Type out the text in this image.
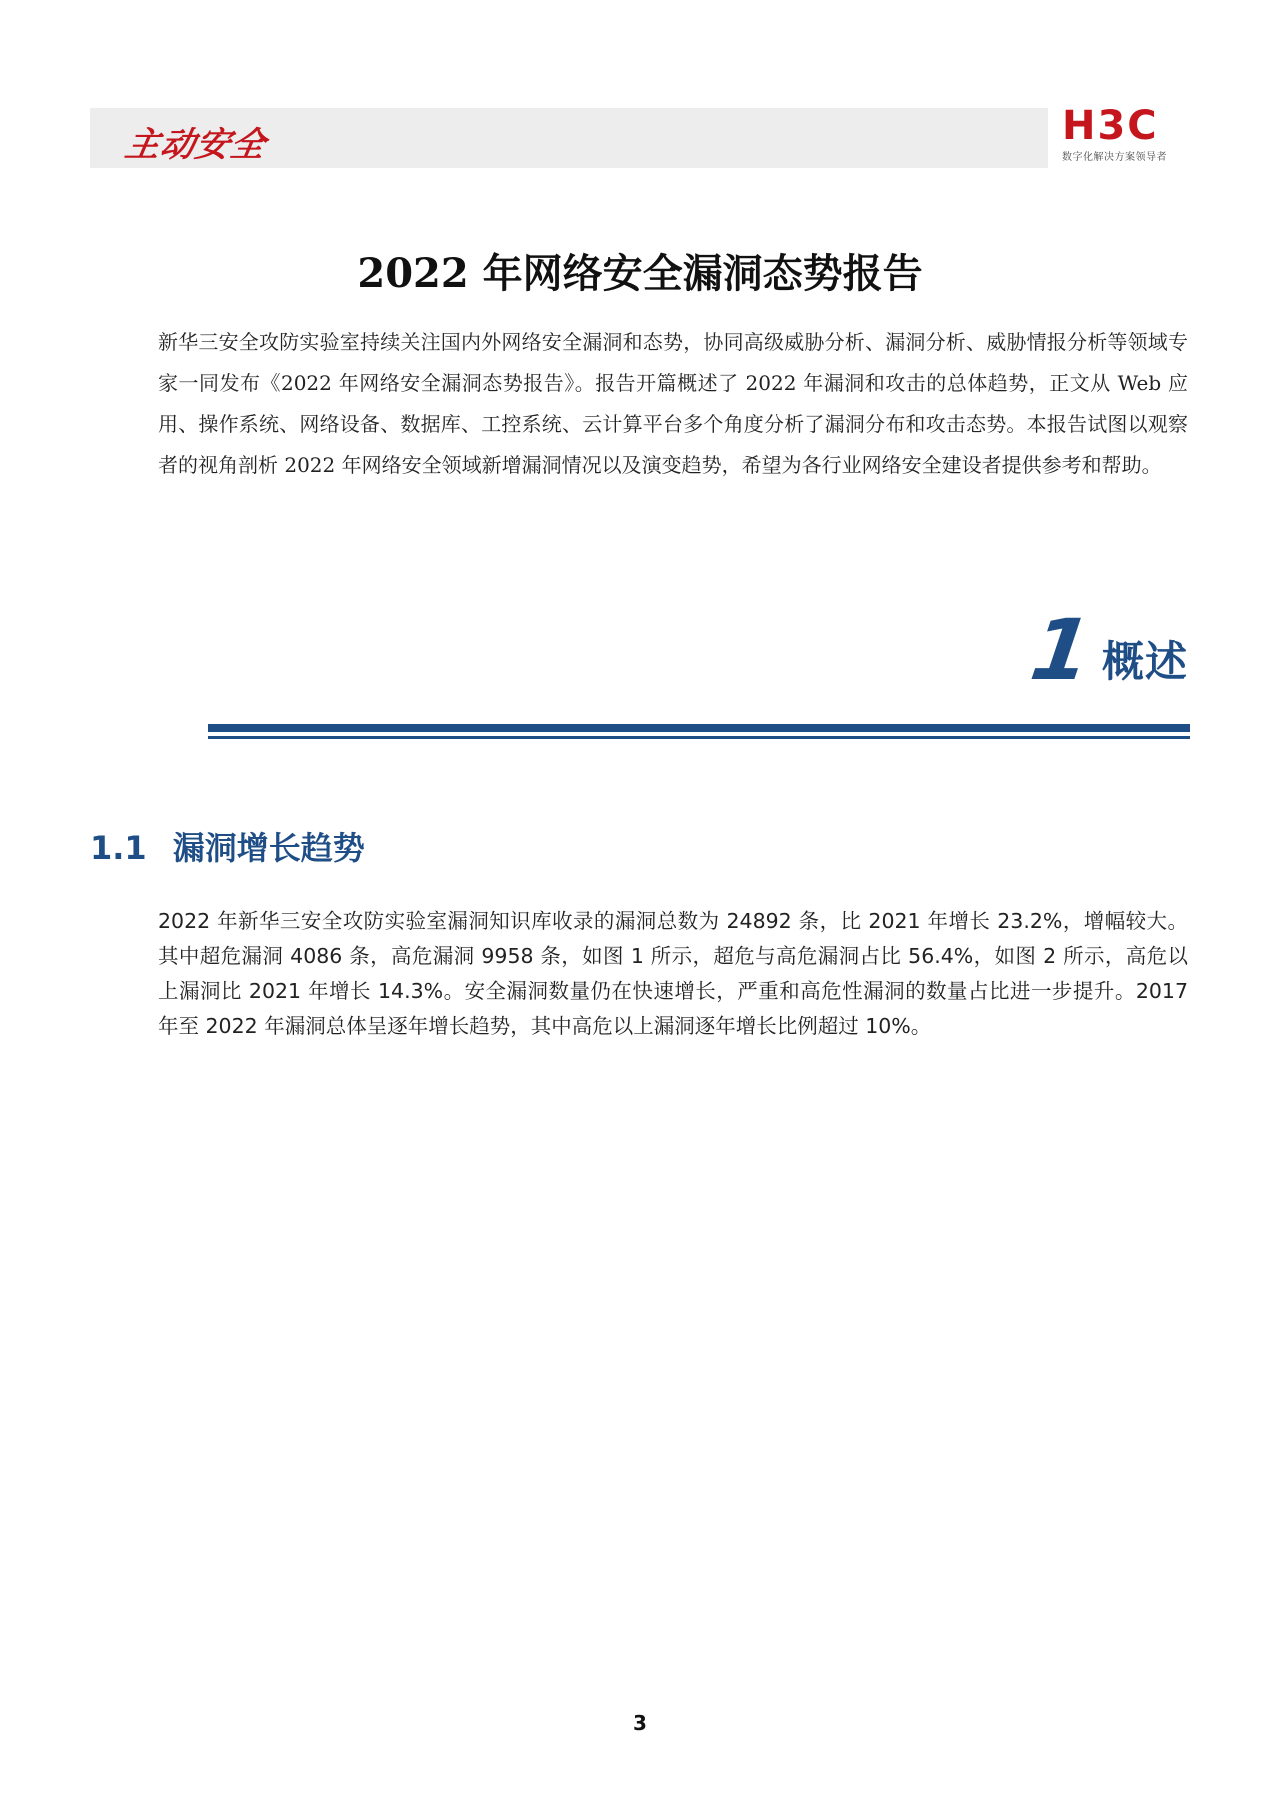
主动安全	H3C
数字化解决方案领导者
2022 年网络安全漏洞态势报告

新华三安全攻防实验室持续关注国内外网络安全漏洞和态势，协同高级威胁分析、漏洞分析、威胁情报分析等领域专家一同发布《2022 年网络安全漏洞态势报告》。报告开篇概述了 2022 年漏洞和攻击的总体趋势，正文从 Web 应用、操作系统、网络设备、数据库、工控系统、云计算平台多个角度分析了漏洞分布和攻击态势。本报告试图以观察者的视角剖析 2022 年网络安全领域新增漏洞情况以及演变趋势，希望为各行业网络安全建设者提供参考和帮助。

1 概述
1.1 漏洞增长趋势

2022 年新华三安全攻防实验室漏洞知识库收录的漏洞总数为 24892 条，比 2021 年增长 23.2%，增幅较大。其中超危漏洞 4086 条，高危漏洞 9958 条，如图 1 所示，超危与高危漏洞占比 56.4%，如图 2 所示，高危以上漏洞比 2021 年增长 14.3%。安全漏洞数量仍在快速增长，严重和高危性漏洞的数量占比进一步提升。2017 年至 2022 年漏洞总体呈逐年增长趋势，其中高危以上漏洞逐年增长比例超过 10%。

3
